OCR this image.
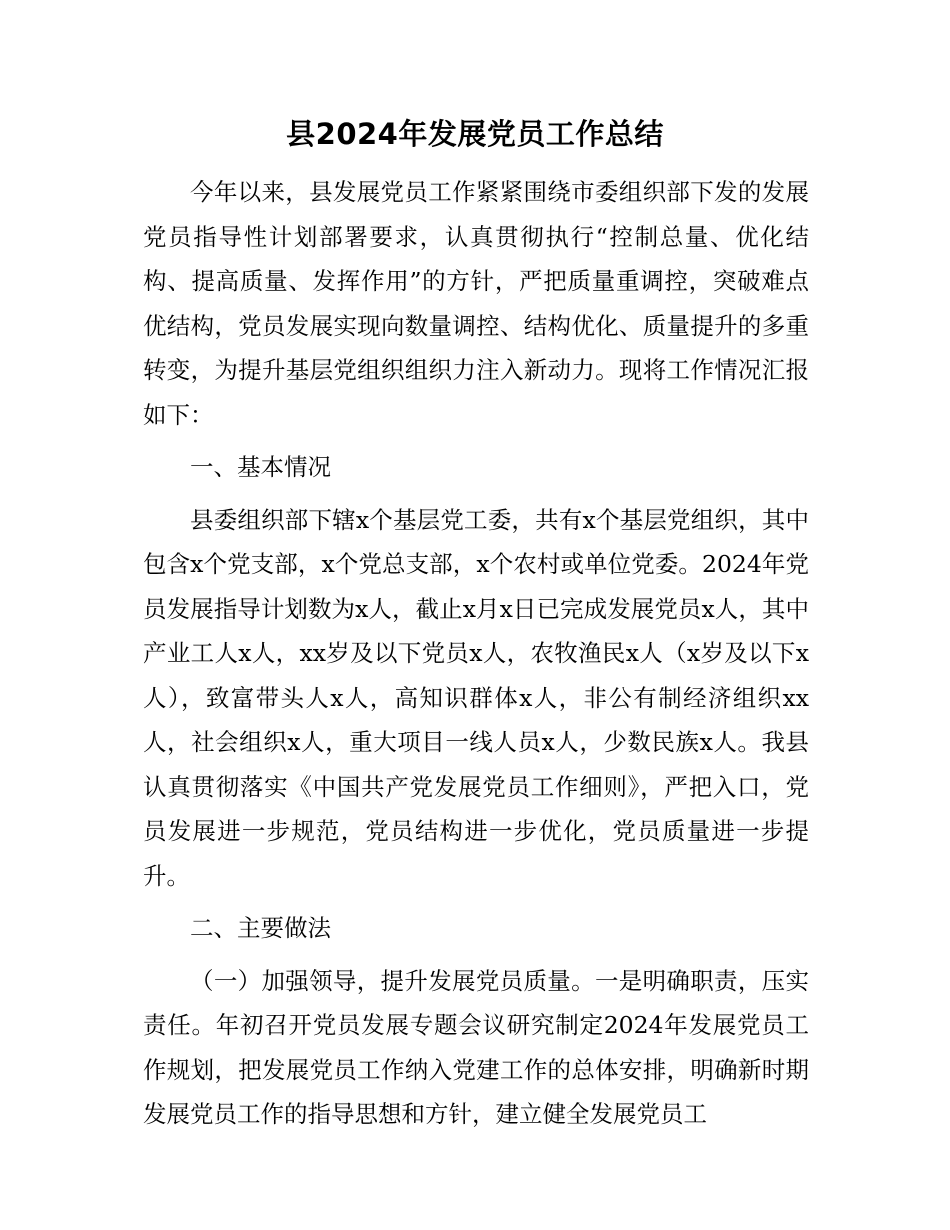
县2024年发展党员工作总结

今年以来，县发展党员工作紧紧围绕市委组织部下发的发展党员指导性计划部署要求，认真贯彻执行“控制总量、优化结构、提高质量、发挥作用”的方针，严把质量重调控，突破难点优结构，党员发展实现向数量调控、结构优化、质量提升的多重转变，为提升基层党组织组织力注入新动力。现将工作情况汇报如下：

一、基本情况

县委组织部下辖x个基层党工委，共有x个基层党组织，其中包含x个党支部，x个党总支部，x个农村或单位党委。2024年党员发展指导计划数为x人，截止x月x日已完成发展党员x人，其中产业工人x人，xx岁及以下党员x人，农牧渔民x人（x岁及以下x人），致富带头人x人，高知识群体x人，非公有制经济组织xx人，社会组织x人，重大项目一线人员x人，少数民族x人。我县认真贯彻落实《中国共产党发展党员工作细则》，严把入口，党员发展进一步规范，党员结构进一步优化，党员质量进一步提升。

二、主要做法

（一）加强领导，提升发展党员质量。一是明确职责，压实责任。年初召开党员发展专题会议研究制定2024年发展党员工作规划，把发展党员工作纳入党建工作的总体安排，明确新时期发展党员工作的指导思想和方针，建立健全发展党员工
